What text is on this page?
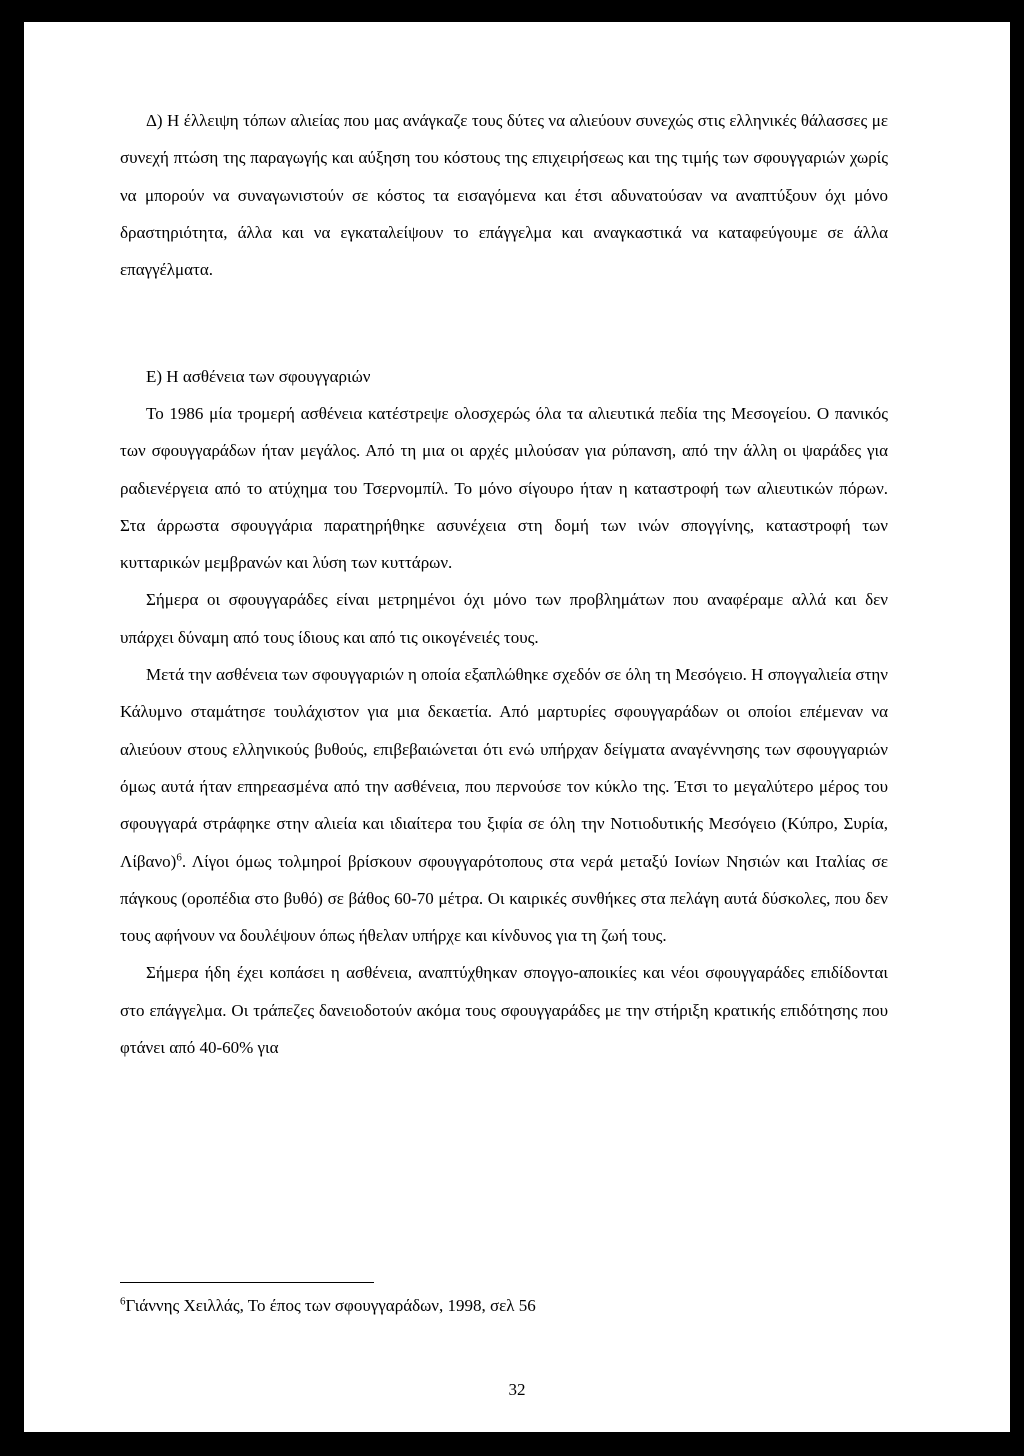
Δ) Η έλλειψη τόπων αλιείας που μας ανάγκαζε τους δύτες να αλιεύουν συνεχώς στις ελληνικές θάλασσες με συνεχή πτώση της παραγωγής και αύξηση του κόστους της επιχειρήσεως και της τιμής των σφουγγαριών χωρίς να μπορούν να συναγωνιστούν σε κόστος τα εισαγόμενα και έτσι αδυνατούσαν να αναπτύξουν όχι μόνο δραστηριότητα, άλλα και να εγκαταλείψουν το επάγγελμα και αναγκαστικά να καταφεύγουμε σε άλλα επαγγέλματα.

Ε) Η ασθένεια των σφουγγαριών

Το 1986 μία τρομερή ασθένεια κατέστρεψε ολοσχερώς όλα τα αλιευτικά πεδία της Μεσογείου. Ο πανικός των σφουγγαράδων ήταν μεγάλος. Από τη μια οι αρχές μιλούσαν για ρύπανση, από την άλλη οι ψαράδες για ραδιενέργεια από το ατύχημα του Τσερνομπίλ. Το μόνο σίγουρο ήταν η καταστροφή των αλιευτικών πόρων. Στα άρρωστα σφουγγάρια παρατηρήθηκε ασυνέχεια στη δομή των ινών σπογγίνης, καταστροφή των κυτταρικών μεμβρανών και λύση των κυττάρων.

Σήμερα οι σφουγγαράδες είναι μετρημένοι όχι μόνο των προβλημάτων που αναφέραμε αλλά και δεν υπάρχει δύναμη από τους ίδιους και από τις οικογένειές τους.

Μετά την ασθένεια των σφουγγαριών η οποία εξαπλώθηκε σχεδόν σε όλη τη Μεσόγειο. Η σπογγαλιεία στην Κάλυμνο σταμάτησε τουλάχιστον για μια δεκαετία. Από μαρτυρίες σφουγγαράδων οι οποίοι επέμεναν να αλιεύουν στους ελληνικούς βυθούς, επιβεβαιώνεται ότι ενώ υπήρχαν δείγματα αναγέννησης των σφουγγαριών όμως αυτά ήταν επηρεασμένα από την ασθένεια, που περνούσε τον κύκλο της. Έτσι το μεγαλύτερο μέρος του σφουγγαρά στράφηκε στην αλιεία και ιδιαίτερα του ξιφία σε όλη την Νοτιοδυτικής Μεσόγειο (Κύπρο, Συρία, Λίβανο)$^6$. Λίγοι όμως τολμηροί βρίσκουν σφουγγαρότοπους στα νερά μεταξύ Ιονίων Νησιών και Ιταλίας σε πάγκους (οροπέδια στο βυθό) σε βάθος 60-70 μέτρα. Οι καιρικές συνθήκες στα πελάγη αυτά δύσκολες, που δεν τους αφήνουν να δουλέψουν όπως ήθελαν υπήρχε και κίνδυνος για τη ζωή τους.

Σήμερα ήδη έχει κοπάσει η ασθένεια, αναπτύχθηκαν σπογγο-αποικίες και νέοι σφουγγαράδες επιδίδονται στο επάγγελμα. Οι τράπεζες δανειοδοτούν ακόμα τους σφουγγαράδες με την στήριξη κρατικής επιδότησης που φτάνει από 40-60% για

$^6$Γιάννης Χειλλάς, Το έπος των σφουγγαράδων, 1998, σελ 56
32
